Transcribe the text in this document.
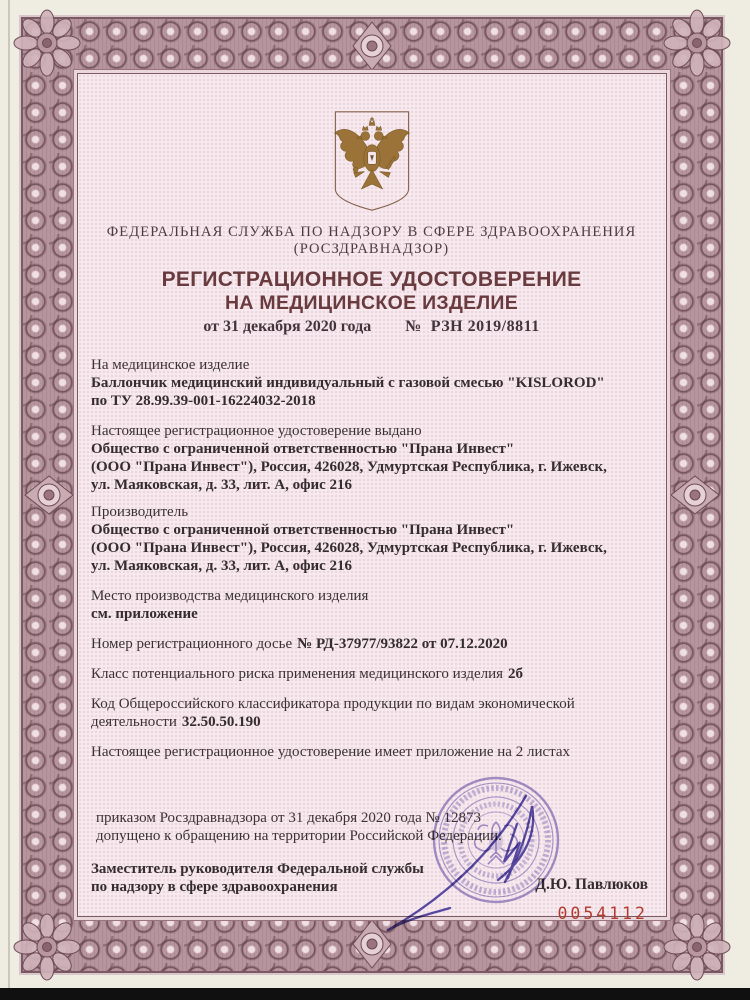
ФЕДЕРАЛЬНАЯ СЛУЖБА ПО НАДЗОРУ В СФЕРЕ ЗДРАВООХРАНЕНИЯ
(РОСЗДРАВНАДЗОР)
РЕГИСТРАЦИОННОЕ УДОСТОВЕРЕНИЕ
НА МЕДИЦИНСКОЕ ИЗДЕЛИЕ
от 31 декабря 2020 года № РЗН 2019/8811

На медицинское изделие

Баллончик медицинский индивидуальный с газовой смесью "KISLOROD"

по ТУ 28.99.39-001-16224032-2018

Настоящее регистрационное удостоверение выдано

Общество с ограниченной ответственностью "Прана Инвест"

(ООО "Прана Инвест"), Россия, 426028, Удмуртская Республика, г. Ижевск,

ул. Маяковская, д. 33, лит. А, офис 216

Производитель

Общество с ограниченной ответственностью "Прана Инвест"

(ООО "Прана Инвест"), Россия, 426028, Удмуртская Республика, г. Ижевск,

ул. Маяковская, д. 33, лит. А, офис 216

Место производства медицинского изделия

см. приложение

Номер регистрационного досье № РД-37977/93822 от 07.12.2020

Класс потенциального риска применения медицинского изделия 2б

Код Общероссийского классификатора продукции по видам экономической

деятельности 32.50.50.190

Настоящее регистрационное удостоверение имеет приложение на 2 листах

приказом Росздравнадзора от 31 декабря 2020 года № 12873

допущено к обращению на территории Российской Федерации.

Заместитель руководителя Федеральной службы

по надзору в сфере здравоохранения	Д.Ю. Павлюков
0054112
